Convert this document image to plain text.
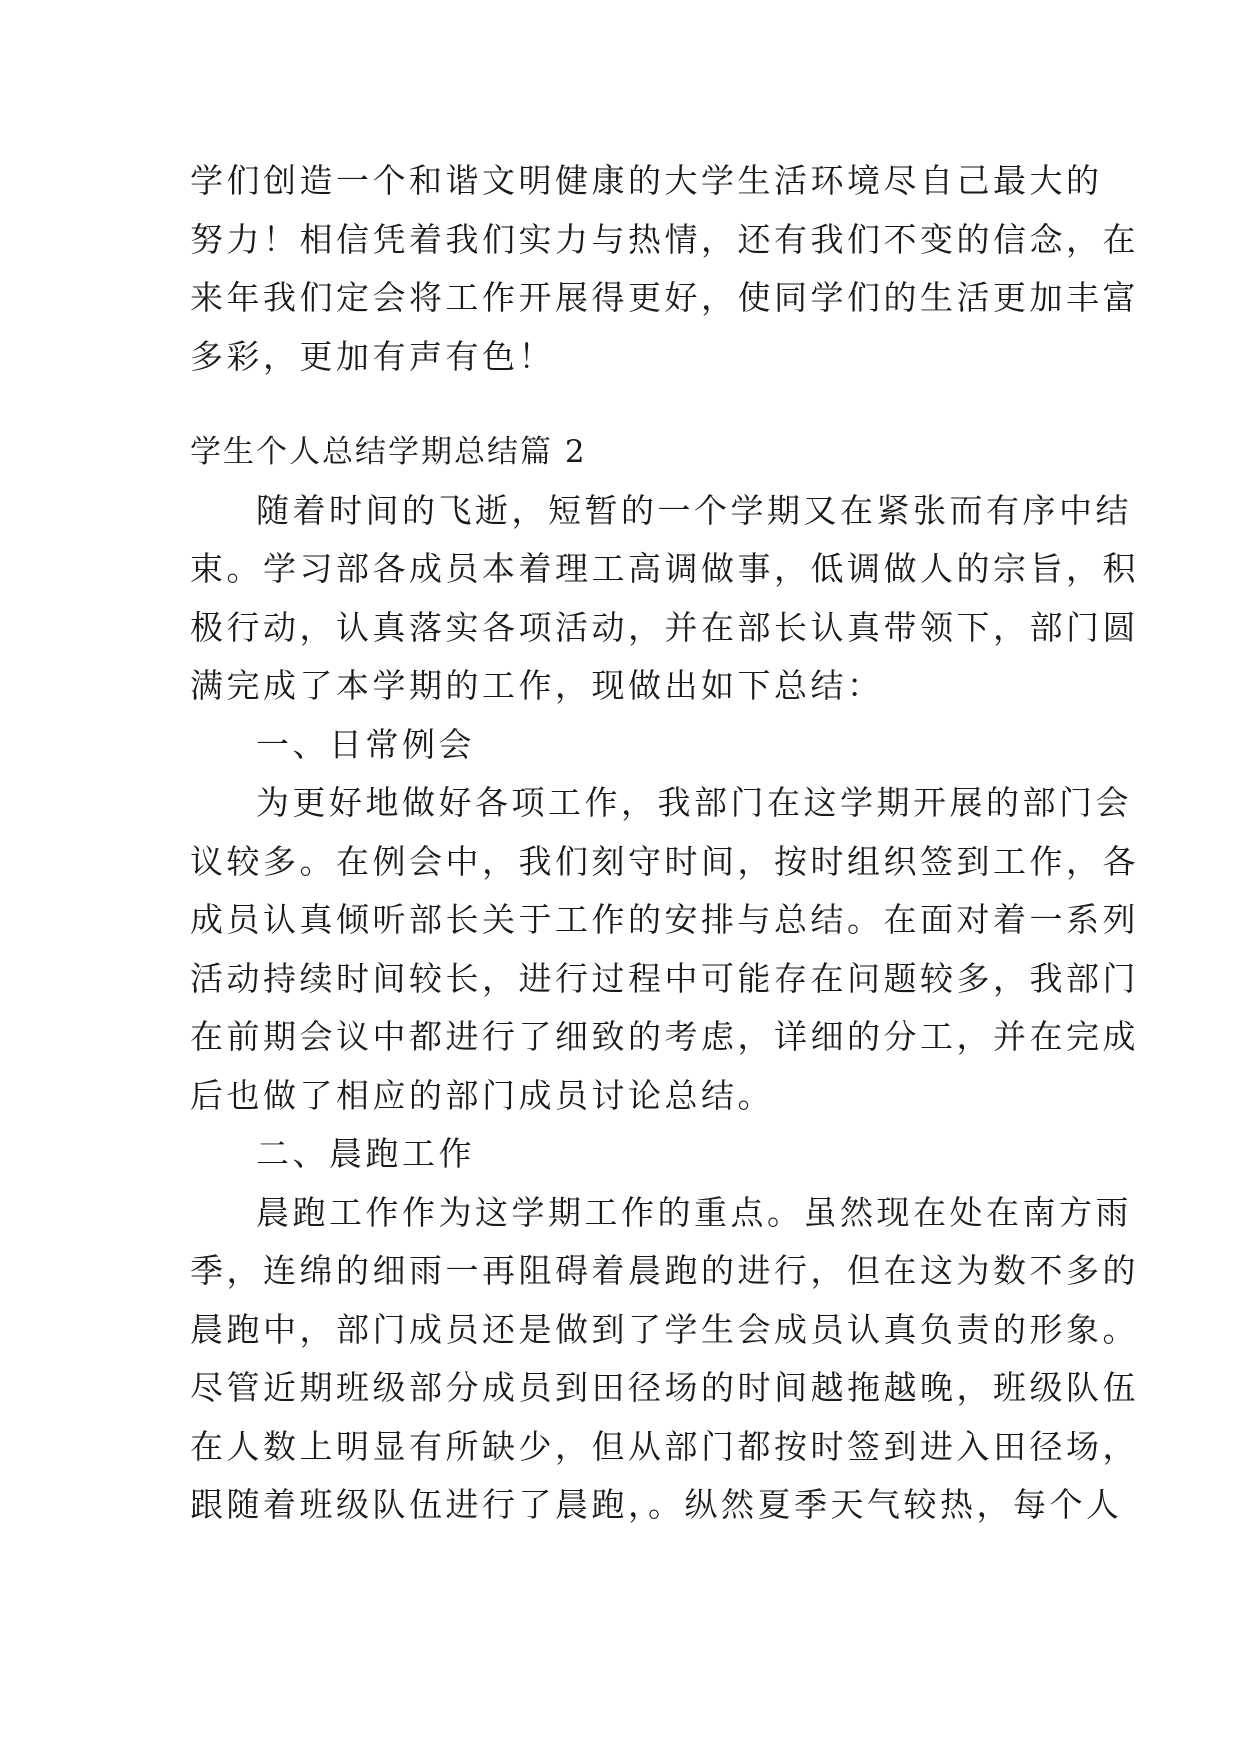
学们创造一个和谐文明健康的大学生活环境尽自己最大的
努力！相信凭着我们实力与热情，还有我们不变的信念，在
来年我们定会将工作开展得更好，使同学们的生活更加丰富
多彩，更加有声有色！
学生个人总结学期总结篇 2
随着时间的飞逝，短暂的一个学期又在紧张而有序中结
束。学习部各成员本着理工高调做事，低调做人的宗旨，积
极行动，认真落实各项活动，并在部长认真带领下，部门圆
满完成了本学期的工作，现做出如下总结：
一、日常例会
为更好地做好各项工作，我部门在这学期开展的部门会
议较多。在例会中，我们刻守时间，按时组织签到工作，各
成员认真倾听部长关于工作的安排与总结。在面对着一系列
活动持续时间较长，进行过程中可能存在问题较多，我部门
在前期会议中都进行了细致的考虑，详细的分工，并在完成
后也做了相应的部门成员讨论总结。
二、晨跑工作
晨跑工作作为这学期工作的重点。虽然现在处在南方雨
季，连绵的细雨一再阻碍着晨跑的进行，但在这为数不多的
晨跑中，部门成员还是做到了学生会成员认真负责的形象。
尽管近期班级部分成员到田径场的时间越拖越晚，班级队伍
在人数上明显有所缺少，但从部门都按时签到进入田径场，
跟随着班级队伍进行了晨跑，。纵然夏季天气较热，每个人
